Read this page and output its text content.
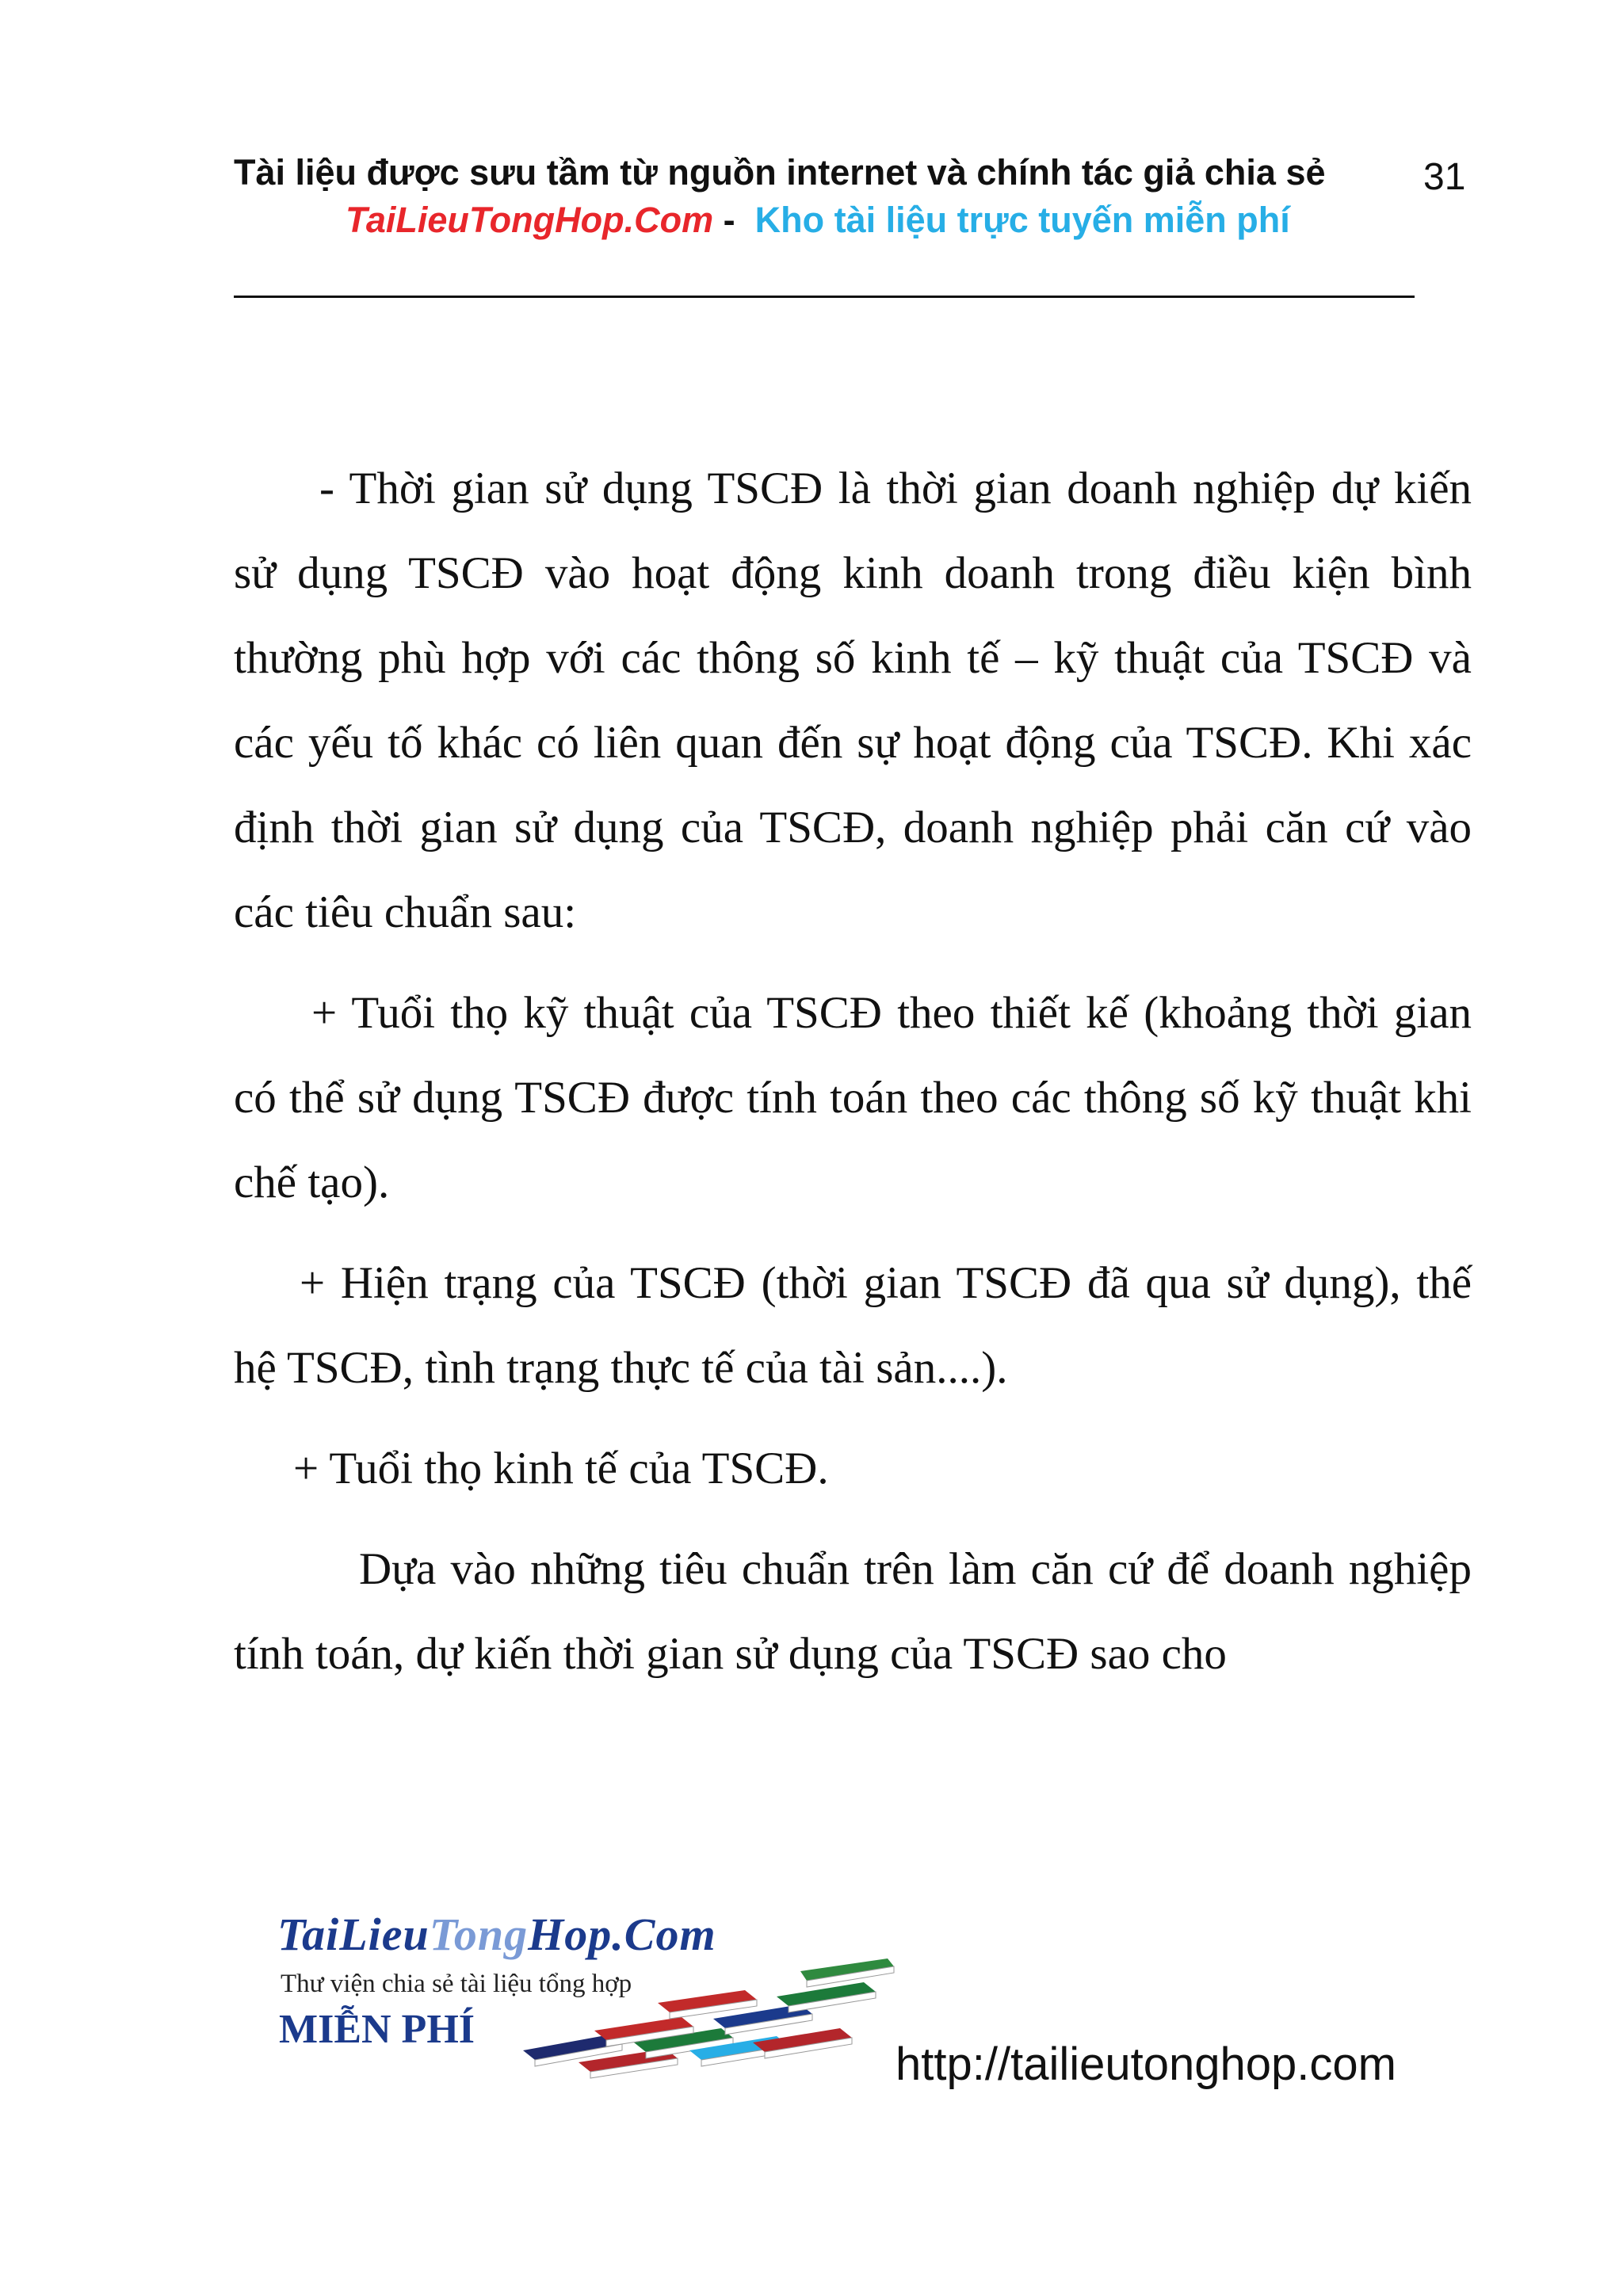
Tài liệu được sưu tầm từ nguồn internet và chính tác giả chia sẻ	31
TaiLieuTongHop.Com -  Kho tài liệu trực tuyến miễn phí

- Thời gian sử dụng TSCĐ là thời gian doanh nghiệp dự kiến sử dụng TSCĐ vào hoạt động kinh doanh trong điều kiện bình thường phù hợp với các thông số kinh tế – kỹ thuật của TSCĐ và các yếu tố khác có liên quan đến sự hoạt động của TSCĐ. Khi xác định thời gian sử dụng của TSCĐ, doanh nghiệp phải căn cứ vào các tiêu chuẩn sau:

+ Tuổi thọ kỹ thuật của TSCĐ theo thiết kế (khoảng thời gian có thể sử dụng TSCĐ được tính toán theo các thông số kỹ thuật khi chế tạo).

+ Hiện trạng của TSCĐ (thời gian TSCĐ đã qua sử dụng), thế hệ TSCĐ, tình trạng thực tế của tài sản....).

+ Tuổi thọ kinh tế của TSCĐ.

Dựa vào những tiêu chuẩn trên làm căn cứ để doanh nghiệp tính toán, dự kiến thời gian sử dụng của TSCĐ sao cho

TaiLieuTongHop.Com
Thư viện chia sẻ tài liệu tổng hợp
MIỄN PHÍ
http://tailieutonghop.com
